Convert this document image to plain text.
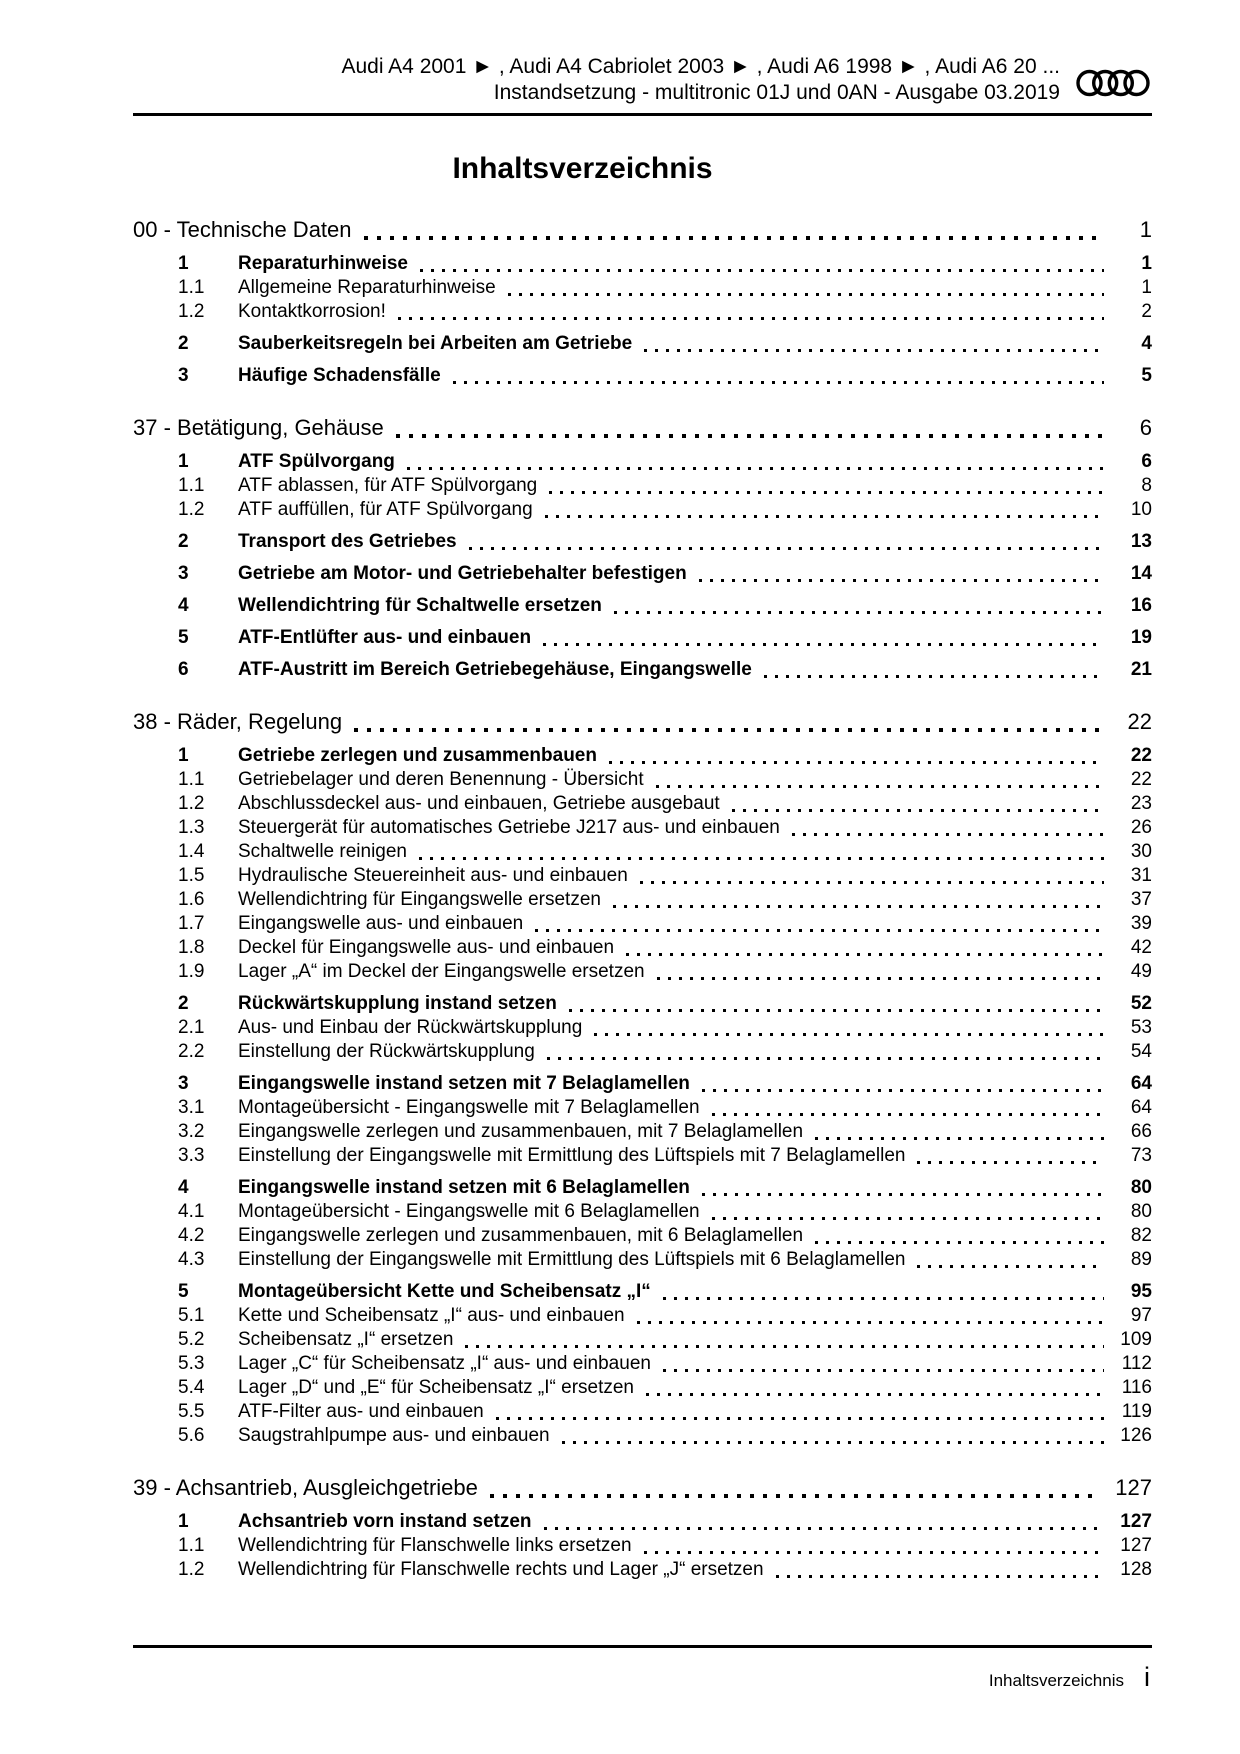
Audi A4 2001 ► , Audi A4 Cabriolet 2003 ► , Audi A6 1998 ► , Audi A6 20 ...
Instandsetzung - multitronic 01J und 0AN - Ausgabe 03.2019
Inhaltsverzeichnis
00 - Technische Daten	1
1	Reparaturhinweise	1
1.1	Allgemeine Reparaturhinweise	1
1.2	Kontaktkorrosion!	2
2	Sauberkeitsregeln bei Arbeiten am Getriebe	4
3	Häufige Schadensfälle	5
37 - Betätigung, Gehäuse	6
1	ATF Spülvorgang	6
1.1	ATF ablassen, für ATF Spülvorgang	8
1.2	ATF auffüllen, für ATF Spülvorgang	10
2	Transport des Getriebes	13
3	Getriebe am Motor- und Getriebehalter befestigen	14
4	Wellendichtring für Schaltwelle ersetzen	16
5	ATF-Entlüfter aus- und einbauen	19
6	ATF-Austritt im Bereich Getriebegehäuse, Eingangswelle	21
38 - Räder, Regelung	22
1	Getriebe zerlegen und zusammenbauen	22
1.1	Getriebelager und deren Benennung - Übersicht	22
1.2	Abschlussdeckel aus- und einbauen, Getriebe ausgebaut	23
1.3	Steuergerät für automatisches Getriebe J217 aus- und einbauen	26
1.4	Schaltwelle reinigen	30
1.5	Hydraulische Steuereinheit aus- und einbauen	31
1.6	Wellendichtring für Eingangswelle ersetzen	37
1.7	Eingangswelle aus- und einbauen	39
1.8	Deckel für Eingangswelle aus- und einbauen	42
1.9	Lager „A“ im Deckel der Eingangswelle ersetzen	49
2	Rückwärtskupplung instand setzen	52
2.1	Aus- und Einbau der Rückwärtskupplung	53
2.2	Einstellung der Rückwärtskupplung	54
3	Eingangswelle instand setzen mit 7 Belaglamellen	64
3.1	Montageübersicht - Eingangswelle mit 7 Belaglamellen	64
3.2	Eingangswelle zerlegen und zusammenbauen, mit 7 Belaglamellen	66
3.3	Einstellung der Eingangswelle mit Ermittlung des Lüftspiels mit 7 Belaglamellen	73
4	Eingangswelle instand setzen mit 6 Belaglamellen	80
4.1	Montageübersicht - Eingangswelle mit 6 Belaglamellen	80
4.2	Eingangswelle zerlegen und zusammenbauen, mit 6 Belaglamellen	82
4.3	Einstellung der Eingangswelle mit Ermittlung des Lüftspiels mit 6 Belaglamellen	89
5	Montageübersicht Kette und Scheibensatz „I“	95
5.1	Kette und Scheibensatz „I“ aus- und einbauen	97
5.2	Scheibensatz „I“ ersetzen	109
5.3	Lager „C“ für Scheibensatz „I“ aus- und einbauen	112
5.4	Lager „D“ und „E“ für Scheibensatz „I“ ersetzen	116
5.5	ATF-Filter aus- und einbauen	119
5.6	Saugstrahlpumpe aus- und einbauen	126
39 - Achsantrieb, Ausgleichgetriebe	127
1	Achsantrieb vorn instand setzen	127
1.1	Wellendichtring für Flanschwelle links ersetzen	127
1.2	Wellendichtring für Flanschwelle rechts und Lager „J“ ersetzen	128
Inhaltsverzeichnis i
